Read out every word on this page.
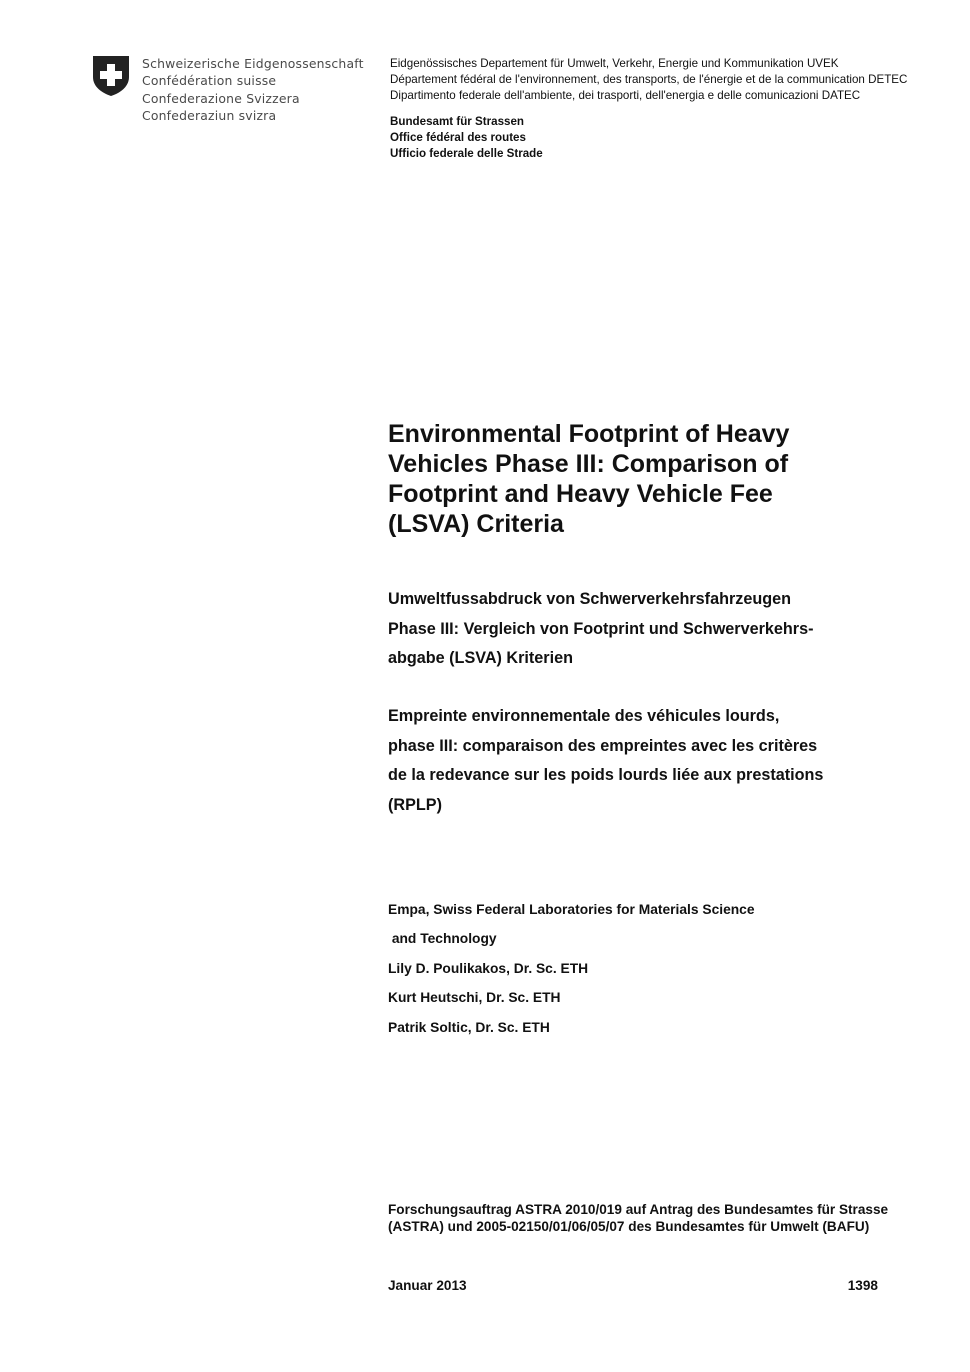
Schweizerische Eidgenossenschaft
Confédération suisse
Confederazione Svizzera
Confederaziun svizra
Eidgenössisches Departement für Umwelt, Verkehr, Energie und Kommunikation UVEK
Département fédéral de l'environnement, des transports, de l'énergie et de la communication DETEC
Dipartimento federale dell'ambiente, dei trasporti, dell'energia e delle comunicazioni DATEC
Bundesamt für Strassen
Office fédéral des routes
Ufficio federale delle Strade
Environmental Footprint of Heavy Vehicles Phase III: Comparison of Footprint and Heavy Vehicle Fee (LSVA) Criteria
Umweltfussabdruck von Schwerverkehrsfahrzeugen
Phase III: Vergleich von Footprint und Schwerverkehrs-
abgabe (LSVA) Kriterien
Empreinte environnementale des véhicules lourds,
phase III: comparaison des empreintes avec les critères
de la redevance sur les poids lourds liée aux prestations
(RPLP)
Empa, Swiss Federal Laboratories for Materials Science
and Technology
Lily D. Poulikakos, Dr. Sc. ETH
Kurt Heutschi, Dr. Sc. ETH
Patrik Soltic, Dr. Sc. ETH
Forschungsauftrag ASTRA 2010/019 auf Antrag des Bundesamtes für Strasse (ASTRA) und 2005-02150/01/06/05/07 des Bundesamtes für Umwelt (BAFU)
Januar 2013	1398
